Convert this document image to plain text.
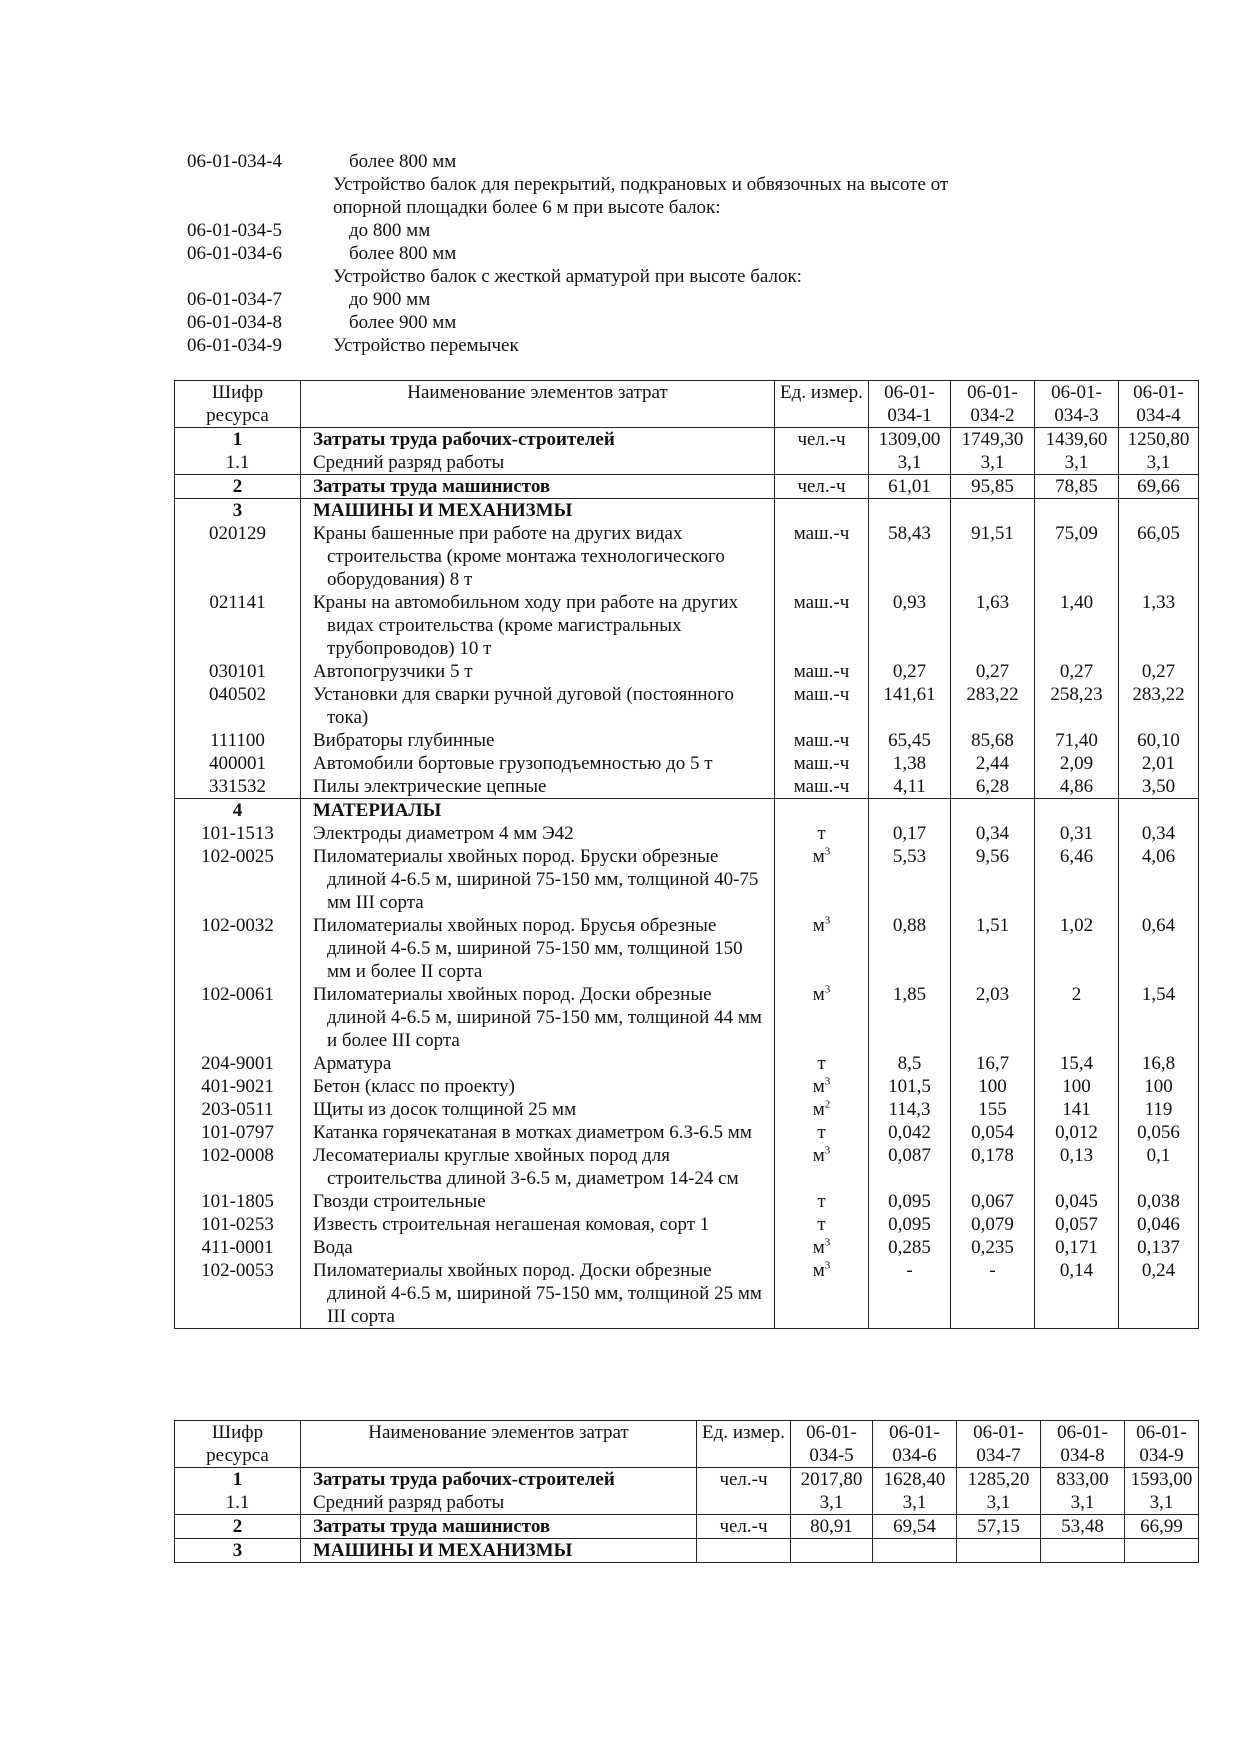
06-01-034-4	более 800 мм
Устройство балок для перекрытий, подкрановых и обвязочных на высоте от
опорной площадки более 6 м при высоте балок:
06-01-034-5	до 800 мм
06-01-034-6	более 800 мм
Устройство балок с жесткой арматурой при высоте балок:
06-01-034-7	до 900 мм
06-01-034-8	более 900 мм
06-01-034-9	Устройство перемычек
Шифр ресурса	Наименование элементов затрат	Ед. измер.	06-01-034-1	06-01-034-2	06-01-034-3	06-01-034-4
1	Затраты труда рабочих-строителей	чел.-ч	1309,00	1749,30	1439,60	1250,80
1.1	Средний разряд работы		3,1	3,1	3,1	3,1
2	Затраты труда машинистов	чел.-ч	61,01	95,85	78,85	69,66
3	МАШИНЫ И МЕХАНИЗМЫ					

020129	Краны башенные при работе на других видах строительства (кроме монтажа технологического оборудования) 8 т	маш.-ч	58,43	91,51	75,09	66,05
021141	Краны на автомобильном ходу при работе на других видах строительства (кроме магистральных трубопроводов) 10 т	маш.-ч	0,93	1,63	1,40	1,33
030101	Автопогрузчики 5 т	маш.-ч	0,27	0,27	0,27	0,27
040502	Установки для сварки ручной дуговой (постоянного тока)	маш.-ч	141,61	283,22	258,23	283,22
111100	Вибраторы глубинные	маш.-ч	65,45	85,68	71,40	60,10
400001	Автомобили бортовые грузоподъемностью до 5 т	маш.-ч	1,38	2,44	2,09	2,01
331532	Пилы электрические цепные	маш.-ч	4,11	6,28	4,86	3,50
4	МАТЕРИАЛЫ					

101-1513	Электроды диаметром 4 мм Э42	т	0,17	0,34	0,31	0,34
102-0025	Пиломатериалы хвойных пород. Бруски обрезные длиной 4-6.5 м, шириной 75-150 мм, толщиной 40-75 мм III сорта	$м^3$	5,53	9,56	6,46	4,06
102-0032	Пиломатериалы хвойных пород. Брусья обрезные длиной 4-6.5 м, шириной 75-150 мм, толщиной 150 мм и более II сорта	$м^3$	0,88	1,51	1,02	0,64
102-0061	Пиломатериалы хвойных пород. Доски обрезные длиной 4-6.5 м, шириной 75-150 мм, толщиной 44 мм и более III сорта	$м^3$	1,85	2,03	2	1,54
204-9001	Арматура	т	8,5	16,7	15,4	16,8
401-9021	Бетон (класс по проекту)	$м^3$	101,5	100	100	100
203-0511	Щиты из досок толщиной 25 мм	$м^2$	114,3	155	141	119
101-0797	Катанка горячекатаная в мотках диаметром 6.3-6.5 мм	т	0,042	0,054	0,012	0,056
102-0008	Лесоматериалы круглые хвойных пород для строительства длиной 3-6.5 м, диаметром 14-24 см	$м^3$	0,087	0,178	0,13	0,1
101-1805	Гвозди строительные	т	0,095	0,067	0,045	0,038
101-0253	Известь строительная негашеная комовая, сорт 1	т	0,095	0,079	0,057	0,046
411-0001	Вода	$м^3$	0,285	0,235	0,171	0,137
102-0053	Пиломатериалы хвойных пород. Доски обрезные длиной 4-6.5 м, шириной 75-150 мм, толщиной 25 мм III сорта	$м^3$	-	-	0,14	0,24
Шифр ресурса	Наименование элементов затрат	Ед. измер.	06-01-034-5	06-01-034-6	06-01-034-7	06-01-034-8	06-01-034-9
1	Затраты труда рабочих-строителей	чел.-ч	2017,80	1628,40	1285,20	833,00	1593,00
1.1	Средний разряд работы		3,1	3,1	3,1	3,1	3,1
2	Затраты труда машинистов	чел.-ч	80,91	69,54	57,15	53,48	66,99
3	МАШИНЫ И МЕХАНИЗМЫ						
